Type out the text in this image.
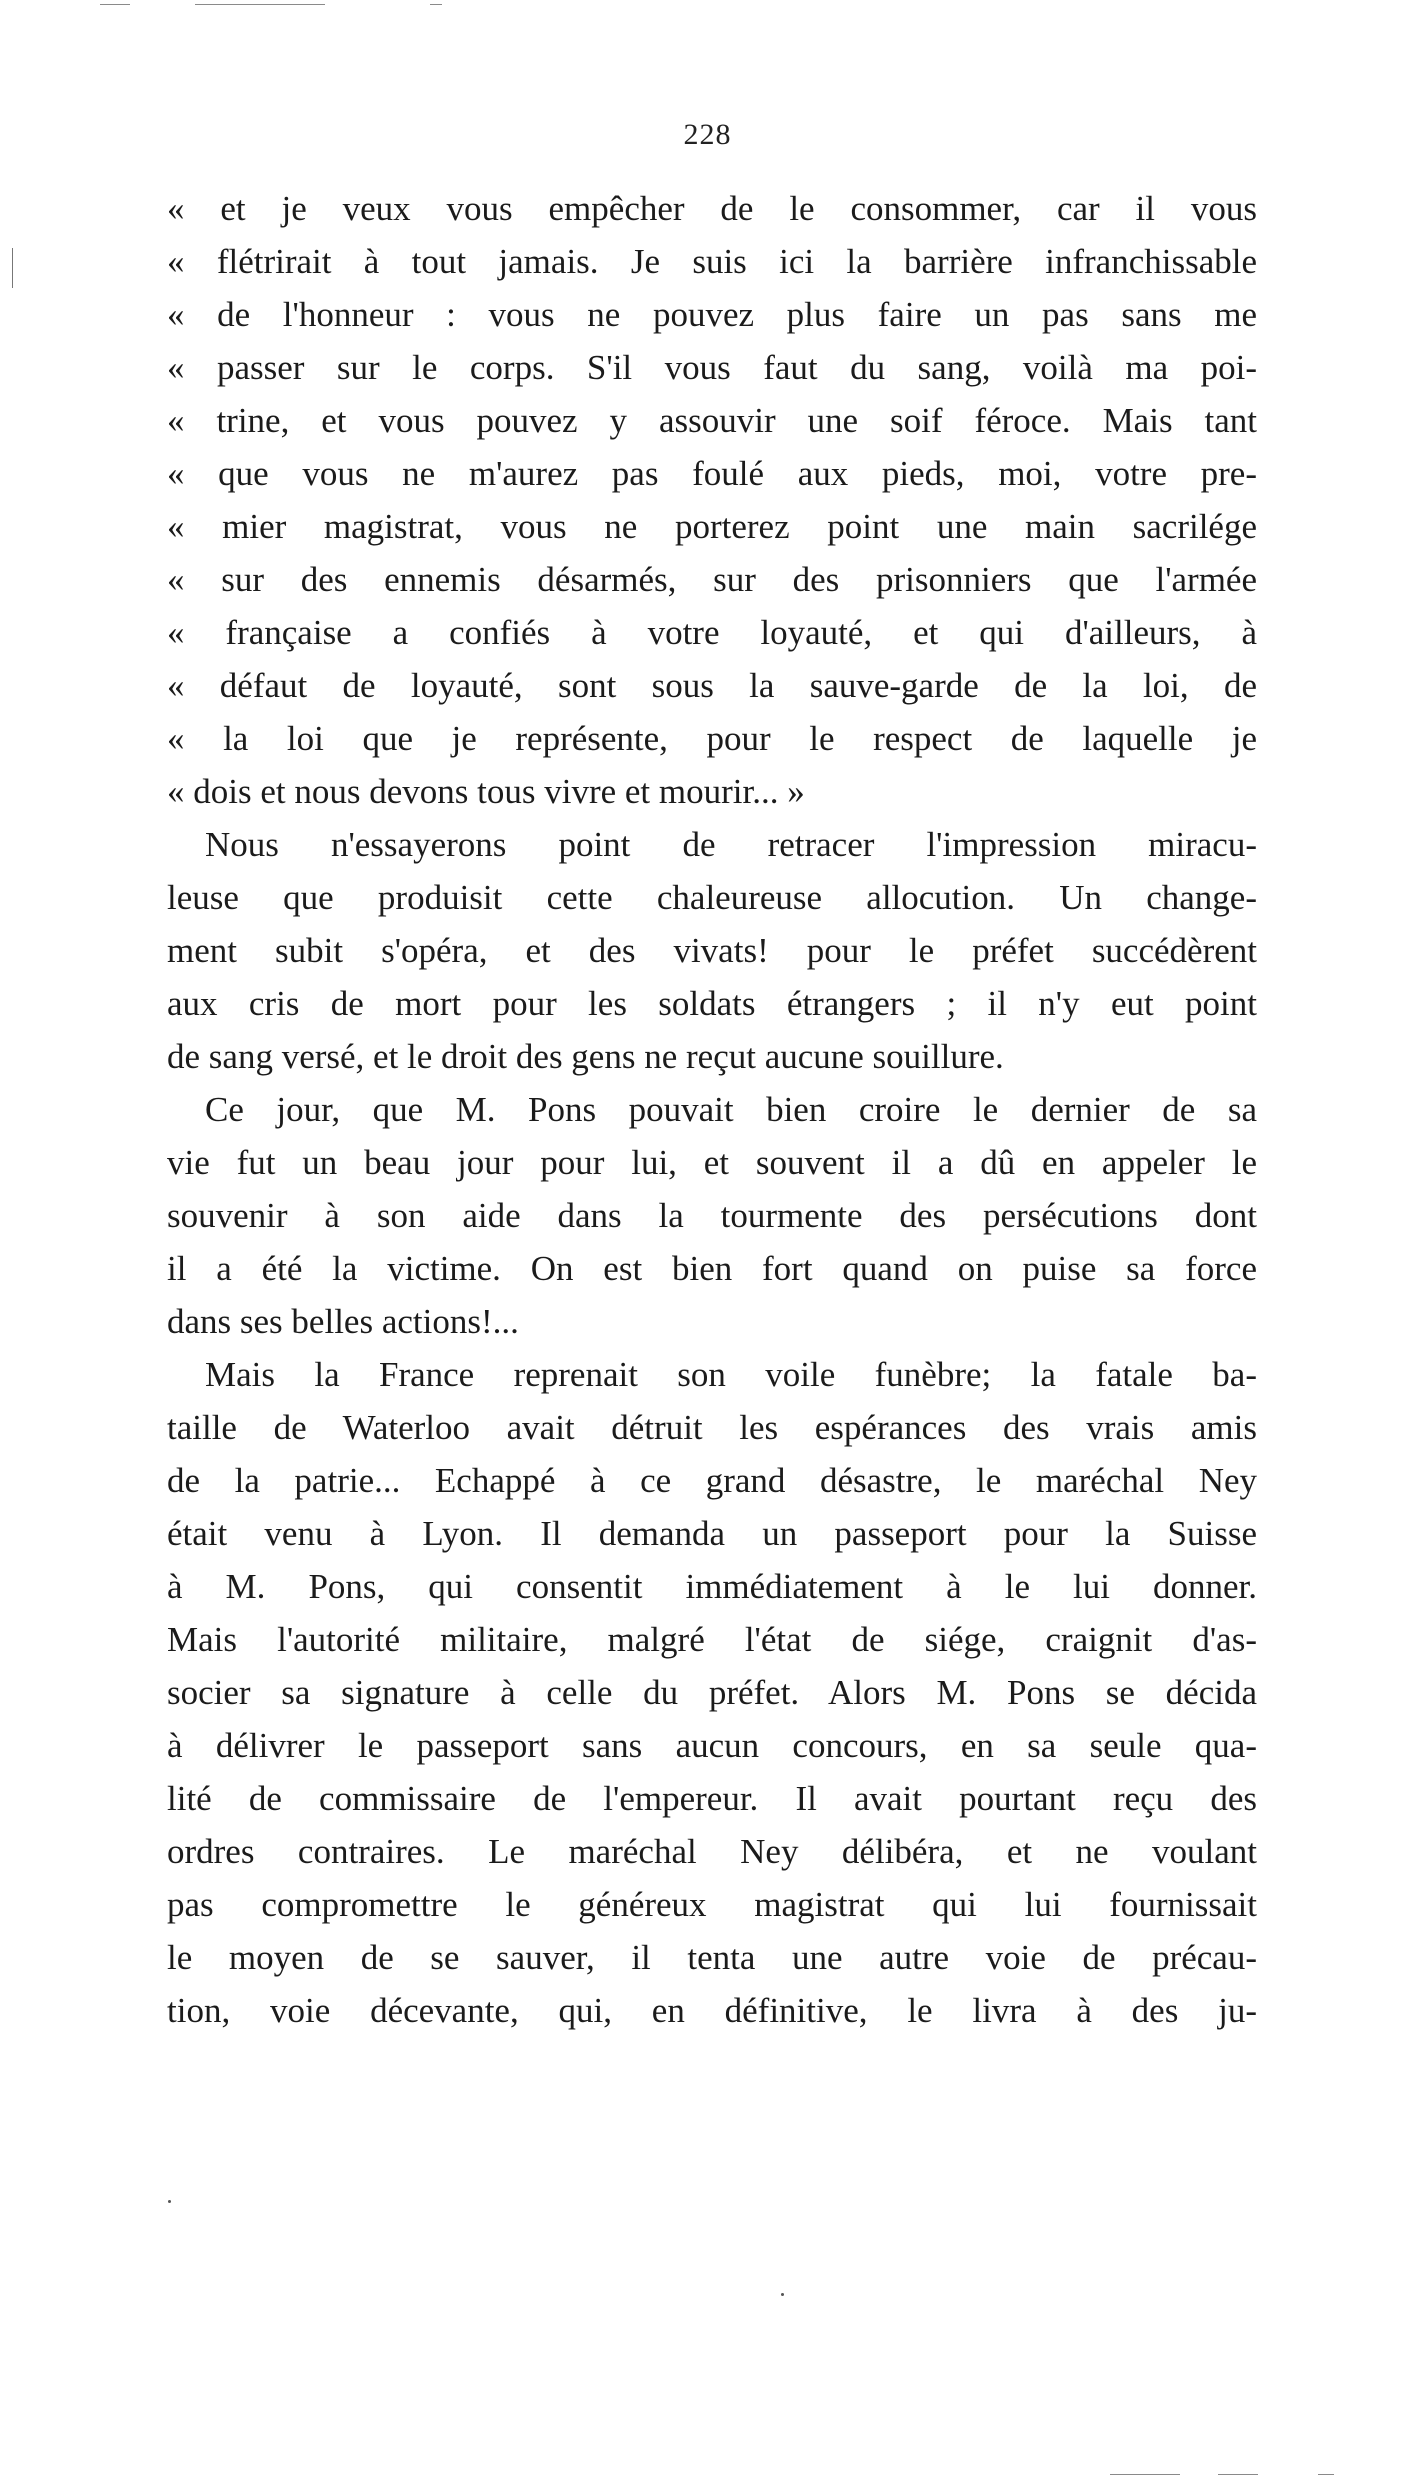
228
« et je veux vous empêcher de le consommer, car il vous
« flétrirait à tout jamais. Je suis ici la barrière infranchissable
« de l'honneur : vous ne pouvez plus faire un pas sans me
« passer sur le corps. S'il vous faut du sang, voilà ma poi-
« trine, et vous pouvez y assouvir une soif féroce. Mais tant
« que vous ne m'aurez pas foulé aux pieds, moi, votre pre-
« mier magistrat, vous ne porterez point une main sacrilége
« sur des ennemis désarmés, sur des prisonniers que l'armée
« française a confiés à votre loyauté, et qui d'ailleurs, à
« défaut de loyauté, sont sous la sauve-garde de la loi, de
« la loi que je représente, pour le respect de laquelle je
« dois et nous devons tous vivre et mourir... »
Nous n'essayerons point de retracer l'impression miracu-
leuse que produisit cette chaleureuse allocution. Un change-
ment subit s'opéra, et des vivats! pour le préfet succédèrent
aux cris de mort pour les soldats étrangers ; il n'y eut point
de sang versé, et le droit des gens ne reçut aucune souillure.
Ce jour, que M. Pons pouvait bien croire le dernier de sa
vie fut un beau jour pour lui, et souvent il a dû en appeler le
souvenir à son aide dans la tourmente des persécutions dont
il a été la victime. On est bien fort quand on puise sa force
dans ses belles actions!...
Mais la France reprenait son voile funèbre; la fatale ba-
taille de Waterloo avait détruit les espérances des vrais amis
de la patrie... Echappé à ce grand désastre, le maréchal Ney
était venu à Lyon. Il demanda un passeport pour la Suisse
à M. Pons, qui consentit immédiatement à le lui donner.
Mais l'autorité militaire, malgré l'état de siége, craignit d'as-
socier sa signature à celle du préfet. Alors M. Pons se décida
à délivrer le passeport sans aucun concours, en sa seule qua-
lité de commissaire de l'empereur. Il avait pourtant reçu des
ordres contraires. Le maréchal Ney délibéra, et ne voulant
pas compromettre le généreux magistrat qui lui fournissait
le moyen de se sauver, il tenta une autre voie de précau-
tion, voie décevante, qui, en définitive, le livra à des ju-
